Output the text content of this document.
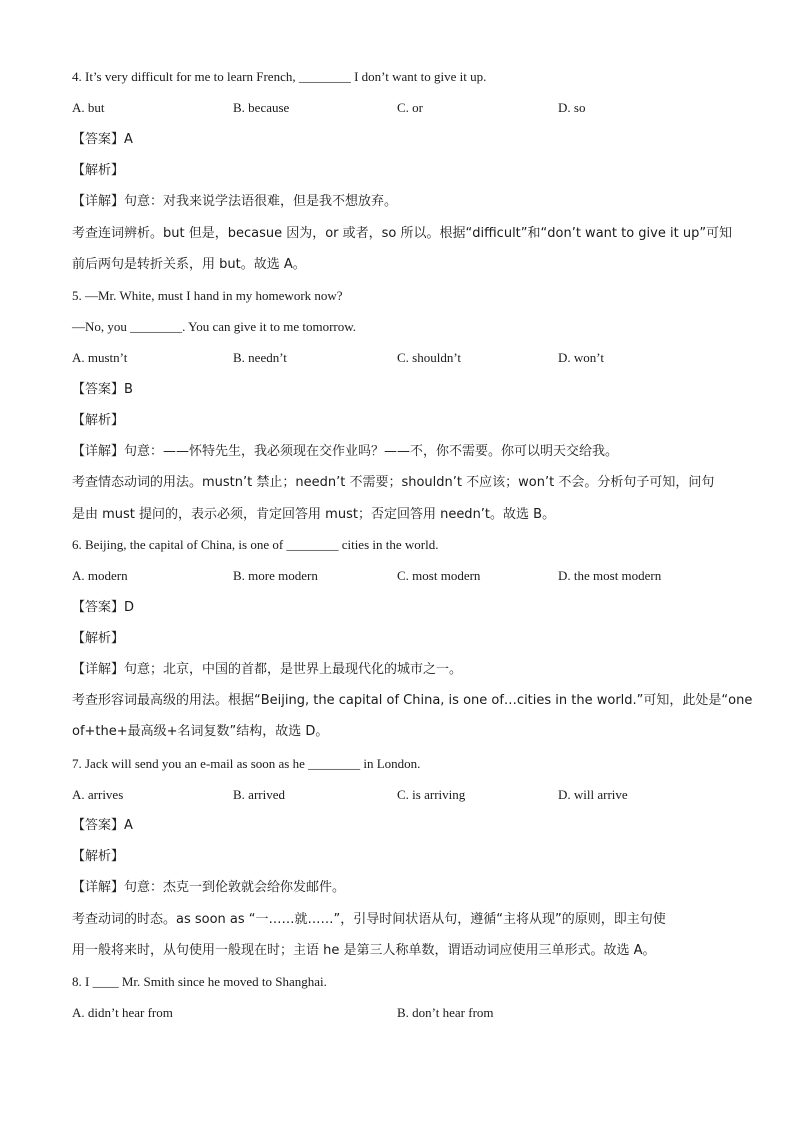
4. It’s very difficult for me to learn French, ________ I don’t want to give it up.
A. but	B. because	C. or	D. so
【答案】A
【解析】
【详解】句意：对我来说学法语很难，但是我不想放弃。
考查连词辨析。but 但是，becasue 因为，or 或者，so 所以。根据“difficult”和“don’t want to give it up”可知
前后两句是转折关系，用 but。故选 A。
5. —Mr. White, must I hand in my homework now?
—No, you ________. You can give it to me tomorrow.
A. mustn’t	B. needn’t	C. shouldn’t	D. won’t
【答案】B
【解析】
【详解】句意：——怀特先生，我必须现在交作业吗？——不，你不需要。你可以明天交给我。
考查情态动词的用法。mustn’t 禁止；needn’t 不需要；shouldn’t 不应该；won’t 不会。分析句子可知，问句
是由 must 提问的，表示必须，肯定回答用 must；否定回答用 needn’t。故选 B。
6. Beijing, the capital of China, is one of ________ cities in the world.
A. modern	B. more modern	C. most modern	D. the most modern
【答案】D
【解析】
【详解】句意；北京，中国的首都，是世界上最现代化的城市之一。
考查形容词最高级的用法。根据“Beijing, the capital of China, is one of…cities in the world.”可知，此处是“one
of+the+最高级+名词复数”结构，故选 D。
7. Jack will send you an e-mail as soon as he ________ in London.
A. arrives	B. arrived	C. is arriving	D. will arrive
【答案】A
【解析】
【详解】句意：杰克一到伦敦就会给你发邮件。
考查动词的时态。as soon as “一……就……”，引导时间状语从句，遵循“主将从现”的原则，即主句使
用一般将来时，从句使用一般现在时；主语 he 是第三人称单数，谓语动词应使用三单形式。故选 A。
8. I ____ Mr. Smith since he moved to Shanghai.
A. didn’t hear from	B. don’t hear from
